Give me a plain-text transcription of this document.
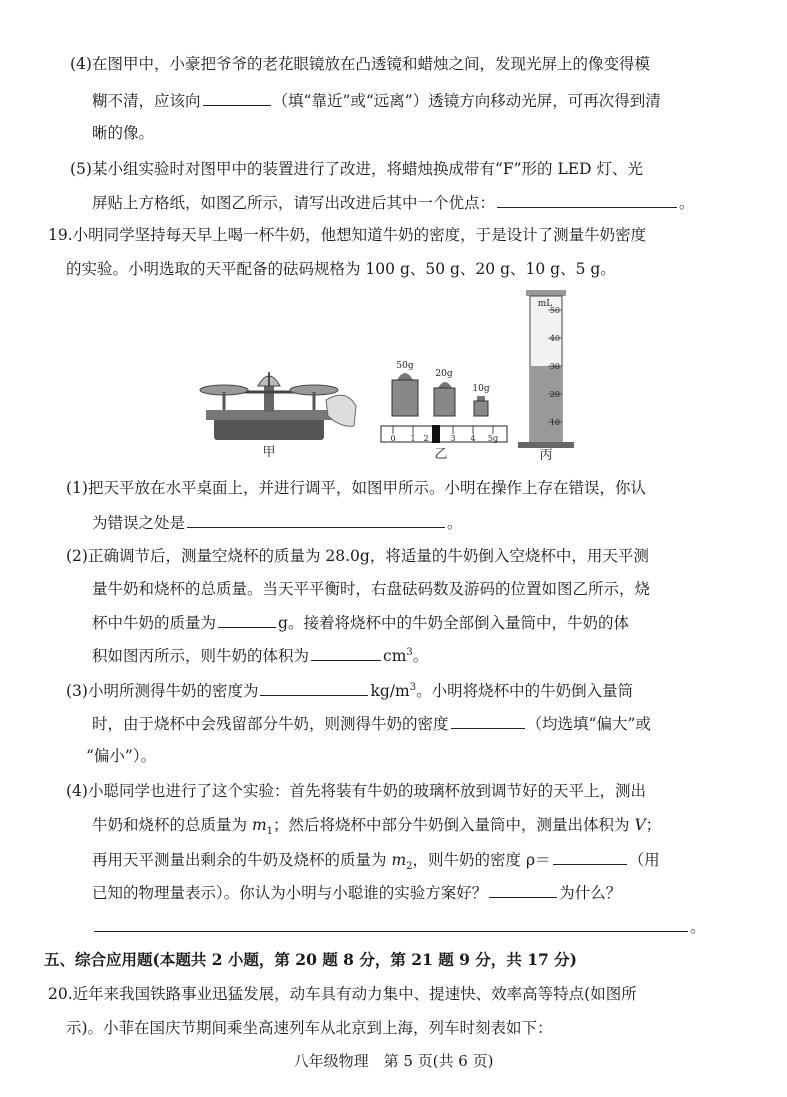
(4)在图甲中，小豪把爷爷的老花眼镜放在凸透镜和蜡烛之间，发现光屏上的像变得模
糊不清，应该向	（填“靠近”或“远离”）透镜方向移动光屏，可再次得到清
晰的像。
(5)某小组实验时对图甲中的装置进行了改进，将蜡烛换成带有“F”形的 LED 灯、光
屏贴上方格纸，如图乙所示，请写出改进后其中一个优点：	。
19.小明同学坚持每天早上喝一杯牛奶，他想知道牛奶的密度，于是设计了测量牛奶密度
的实验。小明选取的天平配备的砝码规格为 100 g、50 g、20 g、10 g、5 g。
甲
50g
20g
10g
0 1 2	3 4 5g
乙
mL
50
40
30
20
10
丙
(1)把天平放在水平桌面上，并进行调平，如图甲所示。小明在操作上存在错误，你认
为错误之处是	。
(2)正确调节后，测量空烧杯的质量为 28.0g，将适量的牛奶倒入空烧杯中，用天平测
量牛奶和烧杯的总质量。当天平平衡时，右盘砝码数及游码的位置如图乙所示，烧
杯中牛奶的质量为	g。接着将烧杯中的牛奶全部倒入量筒中，牛奶的体
积如图丙所示，则牛奶的体积为	$cm^3$。
(3)小明所测得牛奶的密度为	$kg/m^3$。小明将烧杯中的牛奶倒入量筒
时，由于烧杯中会残留部分牛奶，则测得牛奶的密度	（均选填“偏大”或
“偏小”）。
(4)小聪同学也进行了这个实验：首先将装有牛奶的玻璃杯放到调节好的天平上，测出
牛奶和烧杯的总质量为 $m_1$；然后将烧杯中部分牛奶倒入量筒中，测量出体积为 V；
再用天平测量出剩余的牛奶及烧杯的质量为 $m_2$，则牛奶的密度 ρ＝	（用
已知的物理量表示）。你认为小明与小聪谁的实验方案好？	为什么？
。
五、综合应用题(本题共 2 小题，第 20 题 8 分，第 21 题 9 分，共 17 分)
20.近年来我国铁路事业迅猛发展，动车具有动力集中、提速快、效率高等特点(如图所
示)。小菲在国庆节期间乘坐高速列车从北京到上海，列车时刻表如下：
八年级物理　第 5 页(共 6 页)
